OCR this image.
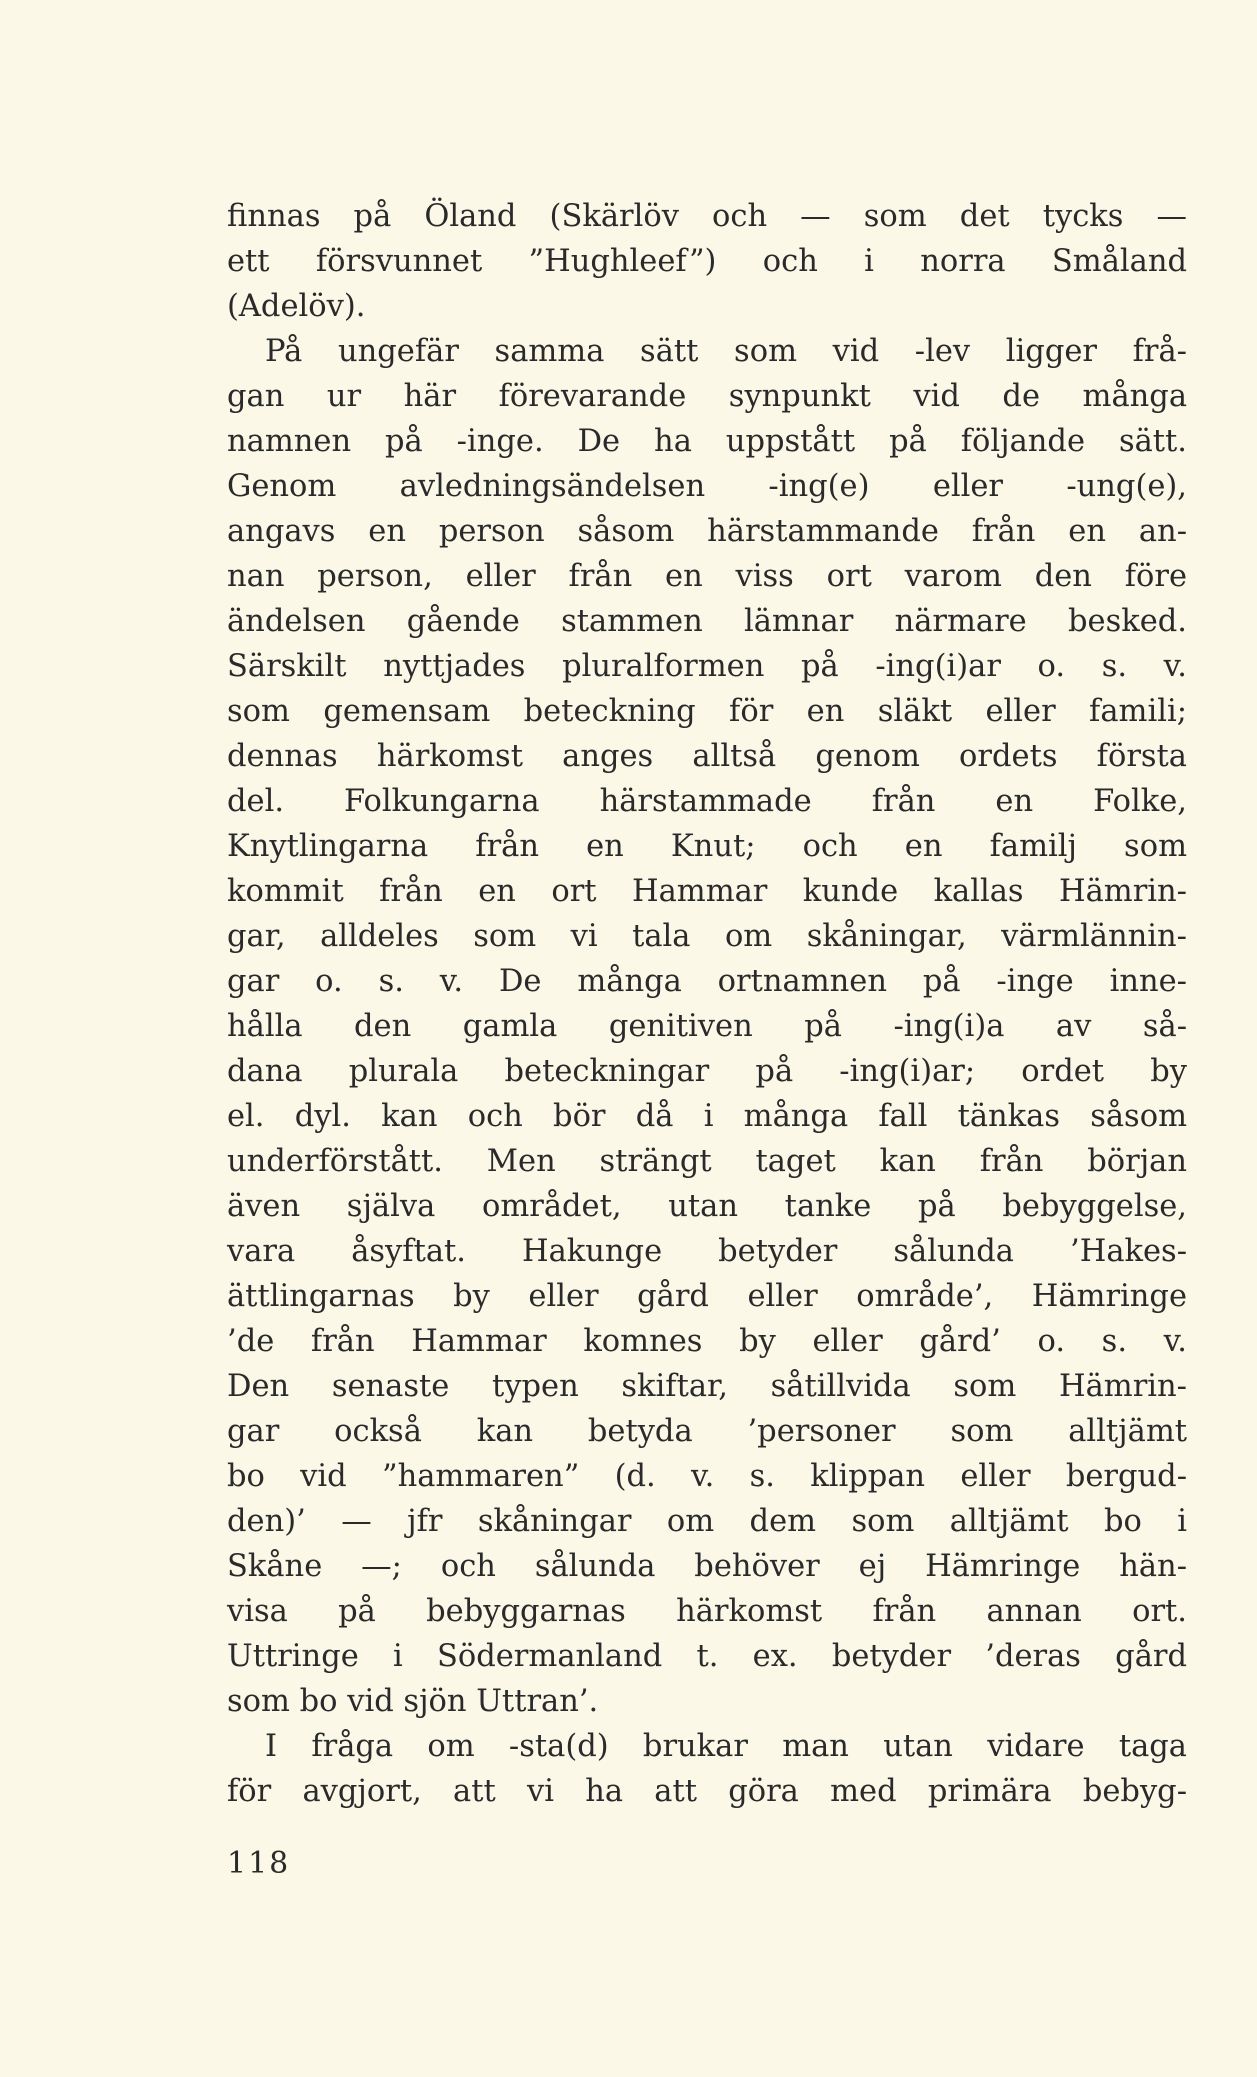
finnas på Öland (Skärlöv och — som det tycks —
ett försvunnet ”Hughleef”) och i norra Småland
(Adelöv).
På ungefär samma sätt som vid -lev ligger frå-
gan ur här förevarande synpunkt vid de många
namnen på -inge. De ha uppstått på följande sätt.
Genom avledningsändelsen -ing(e) eller -ung(e),
angavs en person såsom härstammande från en an-
nan person, eller från en viss ort varom den före
ändelsen gående stammen lämnar närmare besked.
Särskilt nyttjades pluralformen på -ing(i)ar o. s. v.
som gemensam beteckning för en släkt eller famili;
dennas härkomst anges alltså genom ordets första
del. Folkungarna härstammade från en Folke,
Knytlingarna från en Knut; och en familj som
kommit från en ort Hammar kunde kallas Hämrin-
gar, alldeles som vi tala om skåningar, värmlännin-
gar o. s. v. De många ortnamnen på -inge inne-
hålla den gamla genitiven på -ing(i)a av så-
dana plurala beteckningar på -ing(i)ar; ordet by
el. dyl. kan och bör då i många fall tänkas såsom
underförstått. Men strängt taget kan från början
även själva området, utan tanke på bebyggelse,
vara åsyftat. Hakunge betyder sålunda ’Hakes-
ättlingarnas by eller gård eller område’, Hämringe
’de från Hammar komnes by eller gård’ o. s. v.
Den senaste typen skiftar, såtillvida som Hämrin-
gar också kan betyda ’personer som alltjämt
bo vid ”hammaren” (d. v. s. klippan eller bergud-
den)’ — jfr skåningar om dem som alltjämt bo i
Skåne —; och sålunda behöver ej Hämringe hän-
visa på bebyggarnas härkomst från annan ort.
Uttringe i Södermanland t. ex. betyder ’deras gård
som bo vid sjön Uttran’.
I fråga om -sta(d) brukar man utan vidare taga
för avgjort, att vi ha att göra med primära bebyg-
118
